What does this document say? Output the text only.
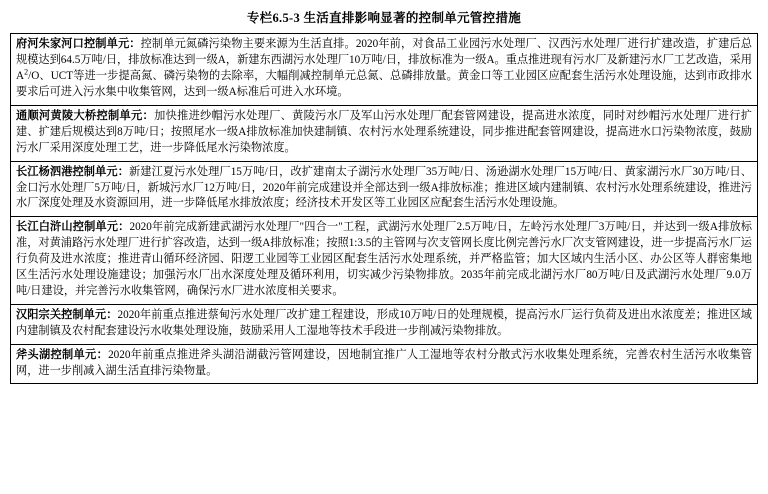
专栏6.5-3 生活直排影响显著的控制单元管控措施

府河朱家河口控制单元：控制单元氮磷污染物主要来源为生活直排。2020年前，对食品工业园污水处理厂、汉西污水处理厂进行扩建改造，扩建后总规模达到64.5万吨/日，排放标准达到一级A，新建东西湖污水处理厂10万吨/日，排放标准为一级A。重点推进现有污水厂及新建污水厂工艺改造，采用$A^2/O$、UCT等进一步提高氮、磷污染物的去除率，大幅削减控制单元总氮、总磷排放量。黄金口等工业园区应配套生活污水处理设施，达到市政排水要求后可进入污水集中收集管网，达到一级A标准后可进入水环境。

通顺河黄陵大桥控制单元：加快推进纱帽污水处理厂、黄陵污水厂及军山污水处理厂配套管网建设，提高进水浓度，同时对纱帽污水处理厂进行扩建、扩建后规模达到8万吨/日；按照尾水一级A排放标准加快建制镇、农村污水处理系统建设，同步推进配套管网建设，提高进水口污染物浓度，鼓励污水厂采用深度处理工艺，进一步降低尾水污染物浓度。

长江杨泗港控制单元：新建江夏污水处理厂15万吨/日，改扩建南太子湖污水处理厂35万吨/日、汤逊湖水处理厂15万吨/日、黄家湖污水厂30万吨/日、金口污水处理厂5万吨/日，新城污水厂12万吨/日，2020年前完成建设并全部达到一级A排放标准；推进区域内建制镇、农村污水处理系统建设，推进污水厂深度处理及水资源回用，进一步降低尾水排放浓度；经济技术开发区等工业园区应配套生活污水处理设施。

长江白浒山控制单元：2020年前完成新建武湖污水处理厂"四合一"工程，武湖污水处理厂2.5万吨/日，左岭污水处理厂3万吨/日，并达到一级A排放标准，对黄浦路污水处理厂进行扩容改造，达到一级A排放标准；按照1:3.5的主管网与次支管网长度比例完善污水厂次支管网建设，进一步提高污水厂运行负荷及进水浓度；推进青山循环经济园、阳逻工业园等工业园区配套生活污水处理系统，并严格监管；加大区域内生活小区、办公区等人群密集地区生活污水处理设施建设；加强污水厂出水深度处理及循环利用，切实减少污染物排放。2035年前完成北湖污水厂80万吨/日及武湖污水处理厂9.0万吨/日建设，并完善污水收集管网，确保污水厂进水浓度相关要求。

汉阳宗关控制单元：2020年前重点推进蔡甸污水处理厂改扩建工程建设，形成10万吨/日的处理规模，提高污水厂运行负荷及进出水浓度差；推进区域内建制镇及农村配套建设污水收集处理设施，鼓励采用人工湿地等技术手段进一步削减污染物排放。

斧头湖控制单元：2020年前重点推进斧头湖沿湖截污管网建设，因地制宜推广人工湿地等农村分散式污水收集处理系统，完善农村生活污水收集管网，进一步削减入湖生活直排污染物量。
